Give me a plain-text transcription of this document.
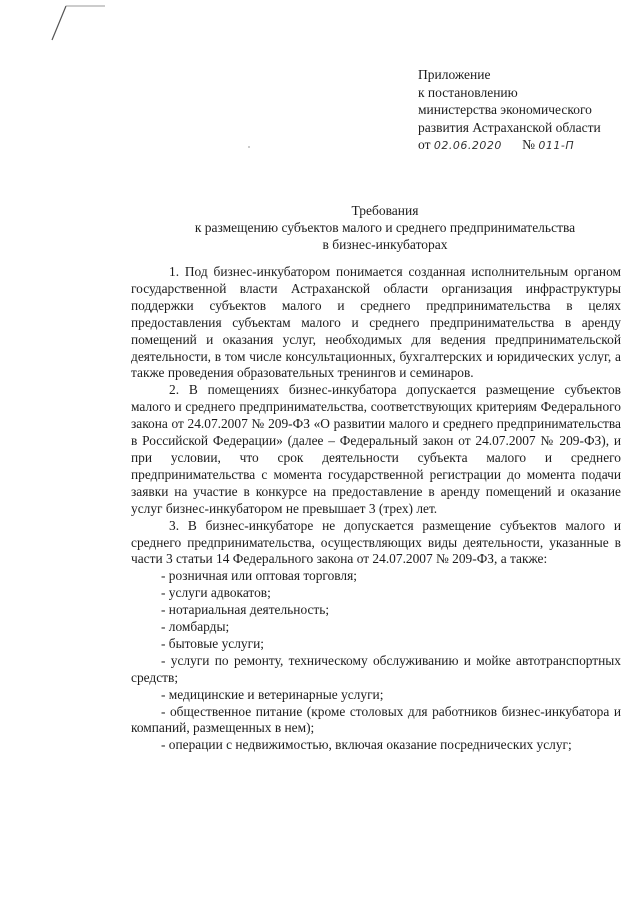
Приложение
к постановлению
министерства экономического
развития Астраханской области
от 02.06.2020 № 011-П
Требования
к размещению субъектов малого и среднего предпринимательства
в бизнес-инкубаторах

1. Под бизнес-инкубатором понимается созданная исполнительным органом государственной власти Астраханской области организация инфраструктуры поддержки субъектов малого и среднего предпринимательства в целях предоставления субъектам малого и среднего предпринимательства в аренду помещений и оказания услуг, необходимых для ведения предпринимательской деятельности, в том числе консультационных, бухгалтерских и юридических услуг, а также проведения образовательных тренингов и семинаров.

2. В помещениях бизнес-инкубатора допускается размещение субъектов малого и среднего предпринимательства, соответствующих критериям Федерального закона от 24.07.2007 № 209-ФЗ «О развитии малого и среднего предпринимательства в Российской Федерации» (далее – Федеральный закон от 24.07.2007 № 209-ФЗ), и при условии, что срок деятельности субъекта малого и среднего предпринимательства с момента государственной регистрации до момента подачи заявки на участие в конкурсе на предоставление в аренду помещений и оказание услуг бизнес-инкубатором не превышает 3 (трех) лет.

3. В бизнес-инкубаторе не допускается размещение субъектов малого и среднего предпринимательства, осуществляющих виды деятельности, указанные в части 3 статьи 14 Федерального закона от 24.07.2007 № 209-ФЗ, а также:

- розничная или оптовая торговля;

- услуги адвокатов;

- нотариальная деятельность;

- ломбарды;

- бытовые услуги;

- услуги по ремонту, техническому обслуживанию и мойке автотранспортных средств;

- медицинские и ветеринарные услуги;

- общественное питание (кроме столовых для работников бизнес-инкубатора и компаний, размещенных в нем);

- операции с недвижимостью, включая оказание посреднических услуг;
